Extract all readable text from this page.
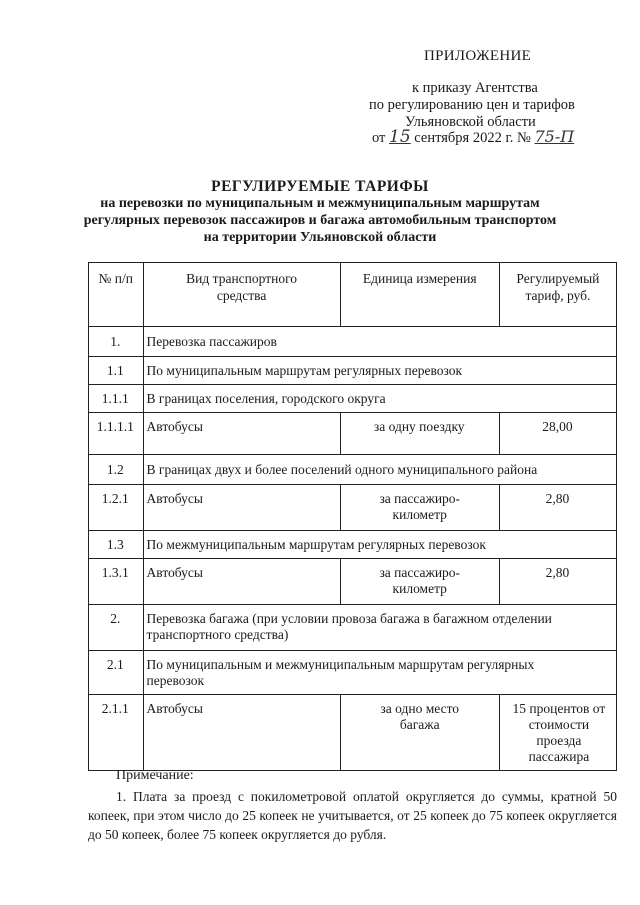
ПРИЛОЖЕНИЕ
к приказу Агентства
по регулированию цен и тарифов
Ульяновской области
от 15 сентября 2022 г. № 75-П
РЕГУЛИРУЕМЫЕ ТАРИФЫ
на перевозки по муниципальным и межмуниципальным маршрутам
регулярных перевозок пассажиров и багажа автомобильным транспортом
на территории Ульяновской области
№ п/п	Вид транспортного средства	Единица измерения	Регулируемый тариф, руб.

1.	Перевозка пассажиров		
1.1	По муниципальным маршрутам регулярных перевозок		
1.1.1	В границах поселения, городского округа		
1.1.1.1	Автобусы	за одну поездку	28,00
1.2	В границах двух и более поселений одного муниципального района		
1.2.1	Автобусы	за пассажиро-километр	2,80
1.3	По межмуниципальным маршрутам регулярных перевозок		
1.3.1	Автобусы	за пассажиро-километр	2,80
2.	Перевозка багажа (при условии провоза багажа в багажном отделении транспортного средства)		
2.1	По муниципальным и межмуниципальным маршрутам регулярных перевозок		
2.1.1	Автобусы	за одно место багажа	15 процентов от стоимости проезда пассажира
Примечание:
1. Плата за проезд с покилометровой оплатой округляется до суммы, кратной 50 копеек, при этом число до 25 копеек не учитывается, от 25 копеек до 75 копеек округляется до 50 копеек, более 75 копеек округляется до рубля.
